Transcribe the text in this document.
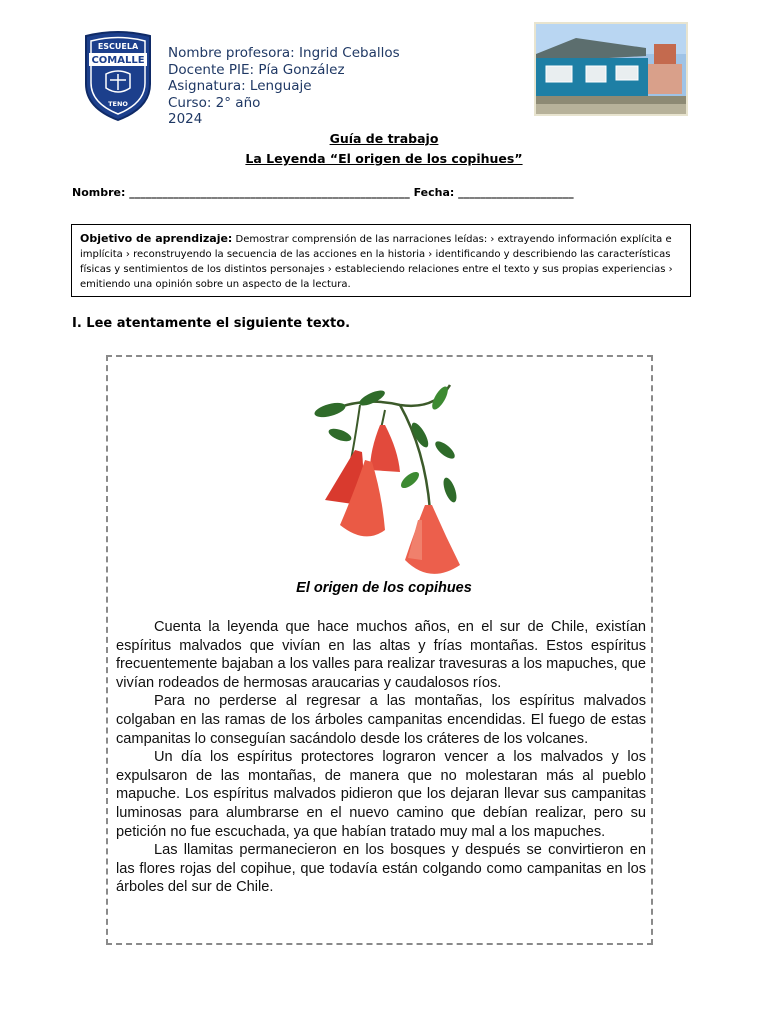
ESCUELA
COMALLE
TENO
Nombre profesora: Ingrid Ceballos
Docente PIE: Pía González
Asignatura: Lenguaje
Curso: 2° año
2024
Guía de trabajo
La Leyenda “El origen de los copihues”
Nombre: ___________________________________________________ Fecha: _____________________
Objetivo de aprendizaje: Demostrar comprensión de las narraciones leídas: › extrayendo información explícita e implícita › reconstruyendo la secuencia de las acciones en la historia › identificando y describiendo las características físicas y sentimientos de los distintos personajes › estableciendo relaciones entre el texto y sus propias experiencias › emitiendo una opinión sobre un aspecto de la lectura.
I. Lee atentamente el siguiente texto.
El origen de los copihues

Cuenta la leyenda que hace muchos años, en el sur de Chile, existían espíritus malvados que vivían en las altas y frías montañas. Estos espíritus frecuentemente bajaban a los valles para realizar travesuras a los mapuches, que vivían rodeados de hermosas araucarias y caudalosos ríos.

Para no perderse al regresar a las montañas, los espíritus malvados colgaban en las ramas de los árboles campanitas encendidas. El fuego de estas campanitas lo conseguían sacándolo desde los cráteres de los volcanes.

Un día los espíritus protectores lograron vencer a los malvados y los expulsaron de las montañas, de manera que no molestaran más al pueblo mapuche. Los espíritus malvados pidieron que los dejaran llevar sus campanitas luminosas para alumbrarse en el nuevo camino que debían realizar, pero su petición no fue escuchada, ya que habían tratado muy mal a los mapuches.

Las llamitas permanecieron en los bosques y después se convirtieron en las flores rojas del copihue, que todavía están colgando como campanitas en los árboles del sur de Chile.
